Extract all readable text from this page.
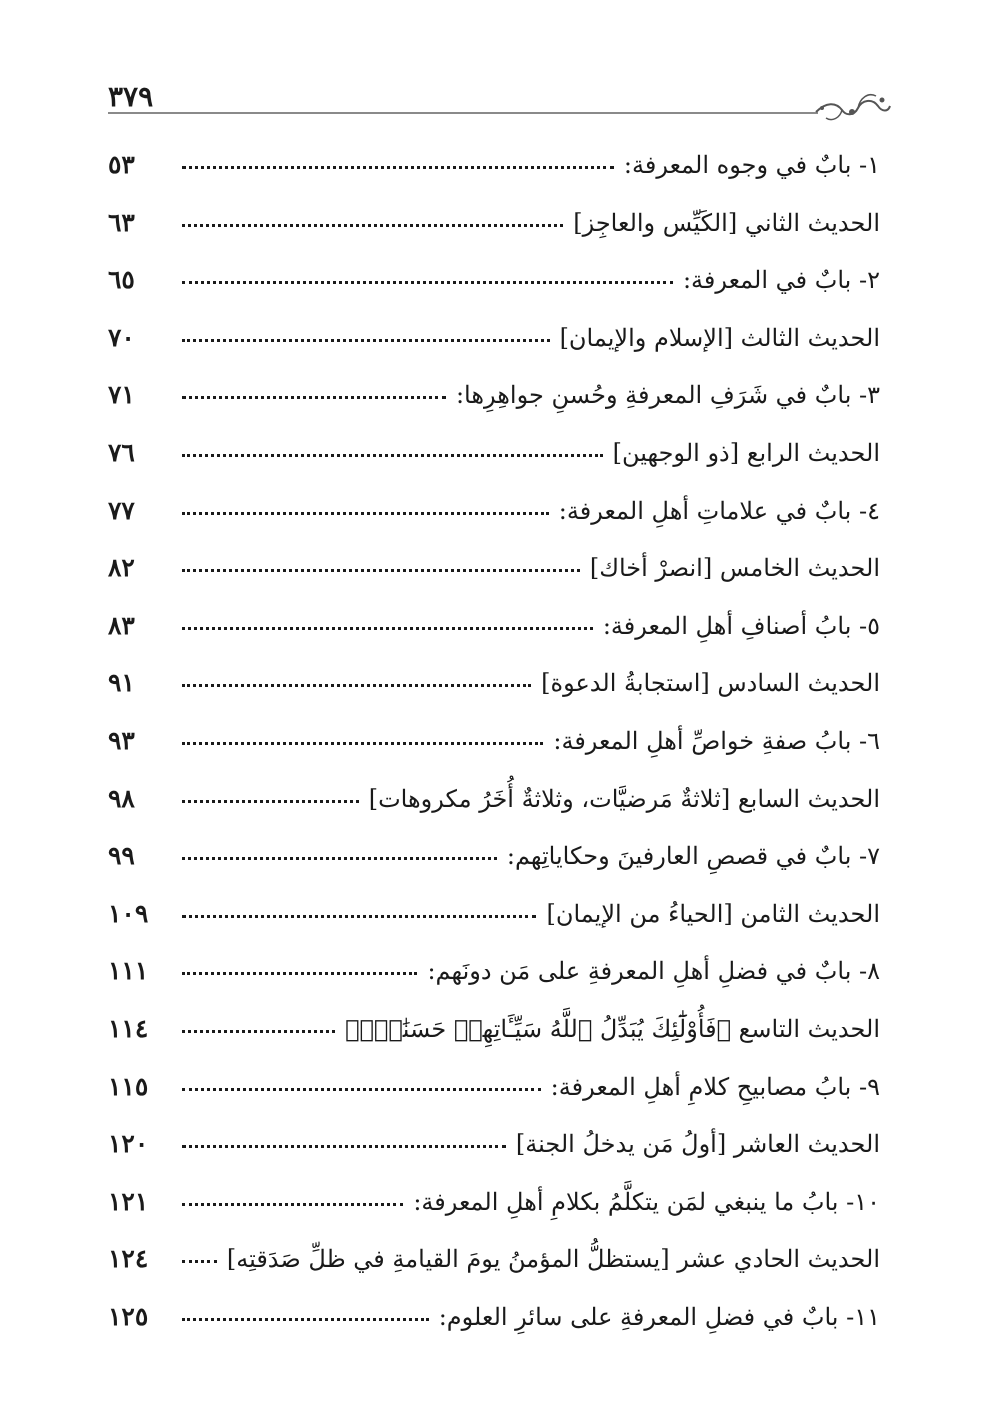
٣٧٩
١- بابٌ في وجوه المعرفة:
٥٣
الحديث الثاني [الكَيِّس والعاجِز]
٦٣
٢- بابٌ في المعرفة:
٦٥
الحديث الثالث [الإسلام والإيمان]
٧٠
٣- بابٌ في شَرَفِ المعرفةِ وحُسنِ جواهِرِها:
٧١
الحديث الرابع [ذو الوجهين]
٧٦
٤- بابٌ في علاماتِ أهلِ المعرفة:
٧٧
الحديث الخامس [انصرْ أخاك]
٨٢
٥- بابُ أصنافِ أهلِ المعرفة:
٨٣
الحديث السادس [استجابةُ الدعوة]
٩١
٦- بابُ صفةِ خواصِّ أهلِ المعرفة:
٩٣
الحديث السابع [ثلاثةٌ مَرضيَّات، وثلاثةٌ أُخَرُ مكروهات]
٩٨
٧- بابٌ في قصصِ العارفينَ وحكاياتِهم:
٩٩
الحديث الثامن [الحياءُ من الإيمان]
١٠٩
٨- بابٌ في فضلِ أهلِ المعرفةِ على مَن دونَهم:
١١١
الحديث التاسع ﴿فَأُوْلَٰٓئِكَ يُبَدِّلُ ٱللَّهُ سَيِّـَٔاتِهِمۡ حَسَنَٰتٖۗ﴾
١١٤
٩- بابُ مصابيحِ كلامِ أهلِ المعرفة:
١١٥
الحديث العاشر [أولُ مَن يدخلُ الجنة]
١٢٠
١٠- بابُ ما ينبغي لمَن يتكلَّمُ بكلامِ أهلِ المعرفة:
١٢١
الحديث الحادي عشر [يستظلُّ المؤمنُ يومَ القيامةِ في ظلِّ صَدَقتِه]
١٢٤
١١- بابٌ في فضلِ المعرفةِ على سائرِ العلوم:
١٢٥
